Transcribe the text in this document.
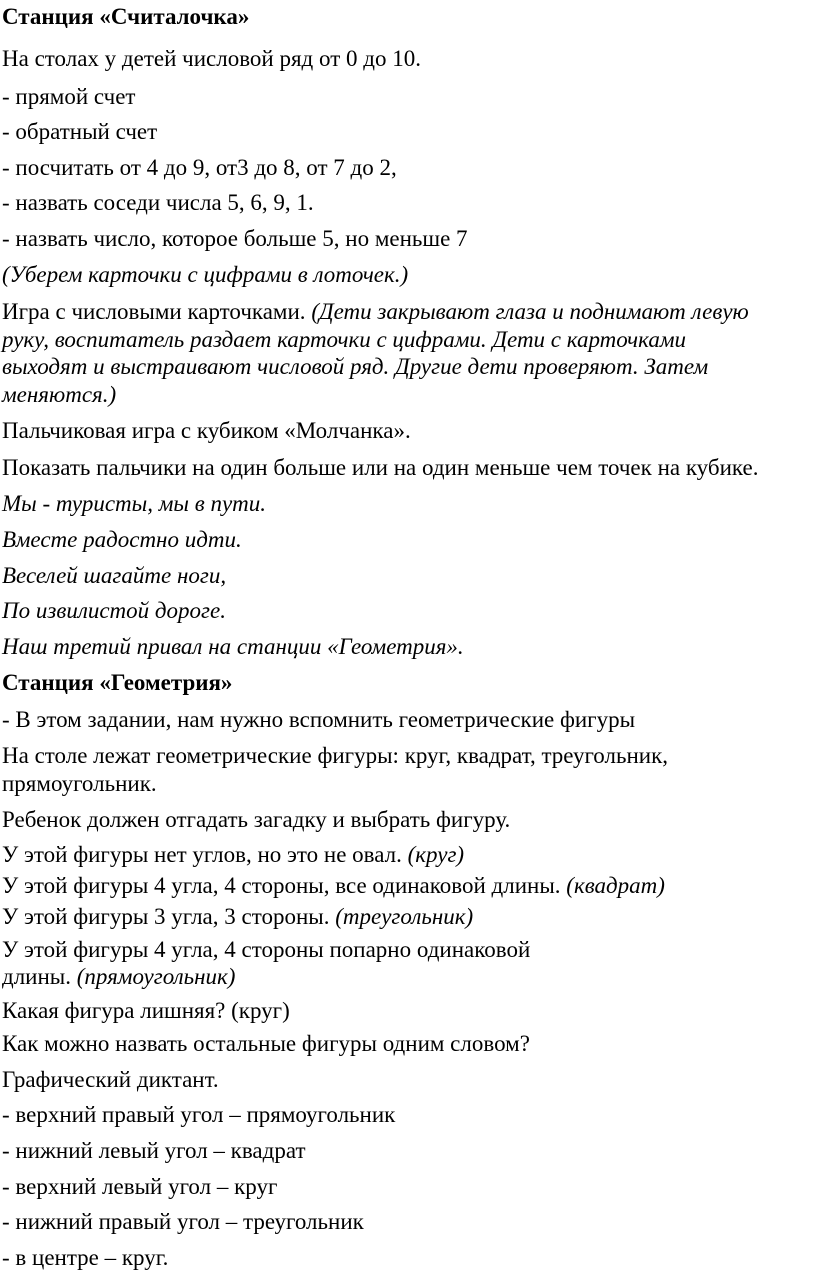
Станция «Считалочка»
На столах у детей числовой ряд от 0 до 10.
- прямой счет
- обратный счет
- посчитать от 4 до 9, от3 до 8, от 7 до 2,
- назвать соседи числа 5, 6, 9, 1.
- назвать число, которое больше 5, но меньше 7
(Уберем карточки с цифрами в лоточек.)
Игра с числовыми карточками. (Дети закрывают глаза и поднимают левую
руку, воспитатель раздает карточки с цифрами. Дети с карточками
выходят и выстраивают числовой ряд. Другие дети проверяют. Затем
меняются.)
Пальчиковая игра с кубиком «Молчанка».
Показать пальчики на один больше или на один меньше чем точек на кубике.
Мы - туристы, мы в пути.
Вместе радостно идти.
Веселей шагайте ноги,
По извилистой дороге.
Наш третий привал на станции «Геометрия».
Станция «Геометрия»
- В этом задании, нам нужно вспомнить геометрические фигуры
На столе лежат геометрические фигуры: круг, квадрат, треугольник,
прямоугольник.
Ребенок должен отгадать загадку и выбрать фигуру.
У этой фигуры нет углов, но это не овал. (круг)
У этой фигуры 4 угла, 4 стороны, все одинаковой длины. (квадрат)
У этой фигуры 3 угла, 3 стороны. (треугольник)
У этой фигуры 4 угла, 4 стороны попарно одинаковой
длины. (прямоугольник)
Какая фигура лишняя? (круг)
Как можно назвать остальные фигуры одним словом?
Графический диктант.
- верхний правый угол – прямоугольник
- нижний левый угол – квадрат
- верхний левый угол – круг
- нижний правый угол – треугольник
- в центре – круг.
